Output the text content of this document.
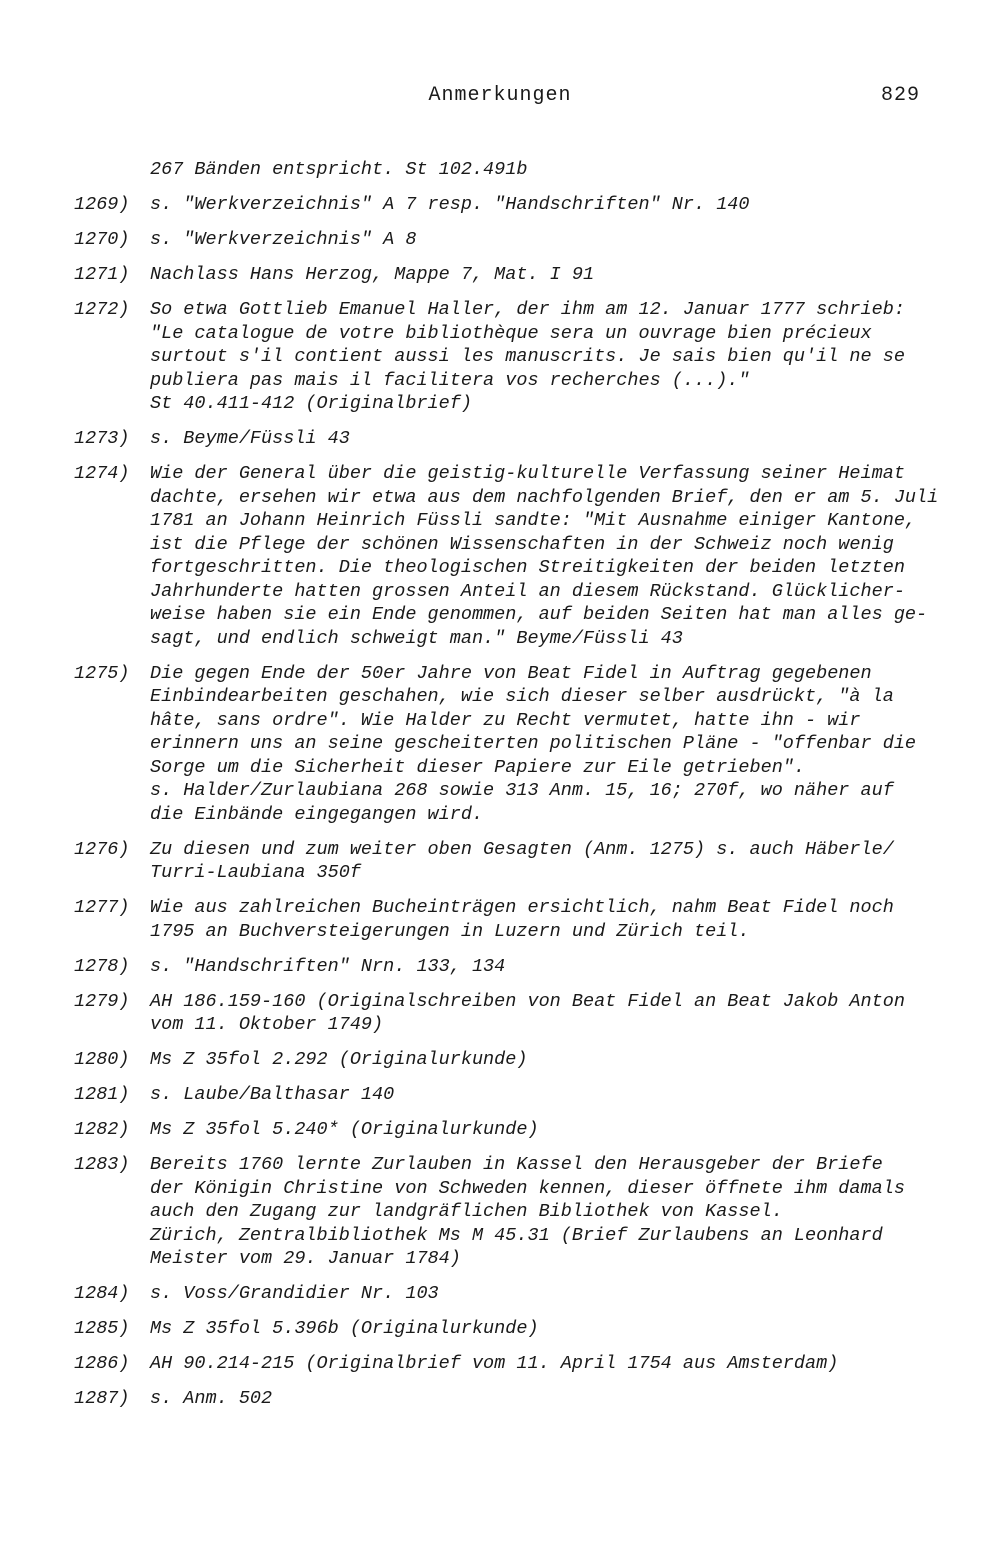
Anmerkungen	829
267 Bänden entspricht. St 102.491b
1269)	s. "Werkverzeichnis" A 7 resp. "Handschriften" Nr. 140
1270)	s. "Werkverzeichnis" A 8
1271)	Nachlass Hans Herzog, Mappe 7, Mat. I 91
1272)	So etwa Gottlieb Emanuel Haller, der ihm am 12. Januar 1777 schrieb:
"Le catalogue de votre bibliothèque sera un ouvrage bien précieux
surtout s'il contient aussi les manuscrits. Je sais bien qu'il ne se
publiera pas mais il facilitera vos recherches (...)."
St 40.411-412 (Originalbrief)
1273)	s. Beyme/Füssli 43
1274)	Wie der General über die geistig-kulturelle Verfassung seiner Heimat
dachte, ersehen wir etwa aus dem nachfolgenden Brief, den er am 5. Juli
1781 an Johann Heinrich Füssli sandte: "Mit Ausnahme einiger Kantone,
ist die Pflege der schönen Wissenschaften in der Schweiz noch wenig
fortgeschritten. Die theologischen Streitigkeiten der beiden letzten
Jahrhunderte hatten grossen Anteil an diesem Rückstand. Glücklicher-
weise haben sie ein Ende genommen, auf beiden Seiten hat man alles ge-
sagt, und endlich schweigt man." Beyme/Füssli 43
1275)	Die gegen Ende der 50er Jahre von Beat Fidel in Auftrag gegebenen
Einbindearbeiten geschahen, wie sich dieser selber ausdrückt, "à la
hâte, sans ordre". Wie Halder zu Recht vermutet, hatte ihn - wir
erinnern uns an seine gescheiterten politischen Pläne - "offenbar die
Sorge um die Sicherheit dieser Papiere zur Eile getrieben".
s. Halder/Zurlaubiana 268 sowie 313 Anm. 15, 16; 270f, wo näher auf
die Einbände eingegangen wird.
1276)	Zu diesen und zum weiter oben Gesagten (Anm. 1275) s. auch Häberle/
Turri-Laubiana 350f
1277)	Wie aus zahlreichen Bucheinträgen ersichtlich, nahm Beat Fidel noch
1795 an Buchversteigerungen in Luzern und Zürich teil.
1278)	s. "Handschriften" Nrn. 133, 134
1279)	AH 186.159-160 (Originalschreiben von Beat Fidel an Beat Jakob Anton
vom 11. Oktober 1749)
1280)	Ms Z 35fol 2.292 (Originalurkunde)
1281)	s. Laube/Balthasar 140
1282)	Ms Z 35fol 5.240* (Originalurkunde)
1283)	Bereits 1760 lernte Zurlauben in Kassel den Herausgeber der Briefe
der Königin Christine von Schweden kennen, dieser öffnete ihm damals
auch den Zugang zur landgräflichen Bibliothek von Kassel.
Zürich, Zentralbibliothek Ms M 45.31 (Brief Zurlaubens an Leonhard
Meister vom 29. Januar 1784)
1284)	s. Voss/Grandidier Nr. 103
1285)	Ms Z 35fol 5.396b (Originalurkunde)
1286)	AH 90.214-215 (Originalbrief vom 11. April 1754 aus Amsterdam)
1287)	s. Anm. 502
